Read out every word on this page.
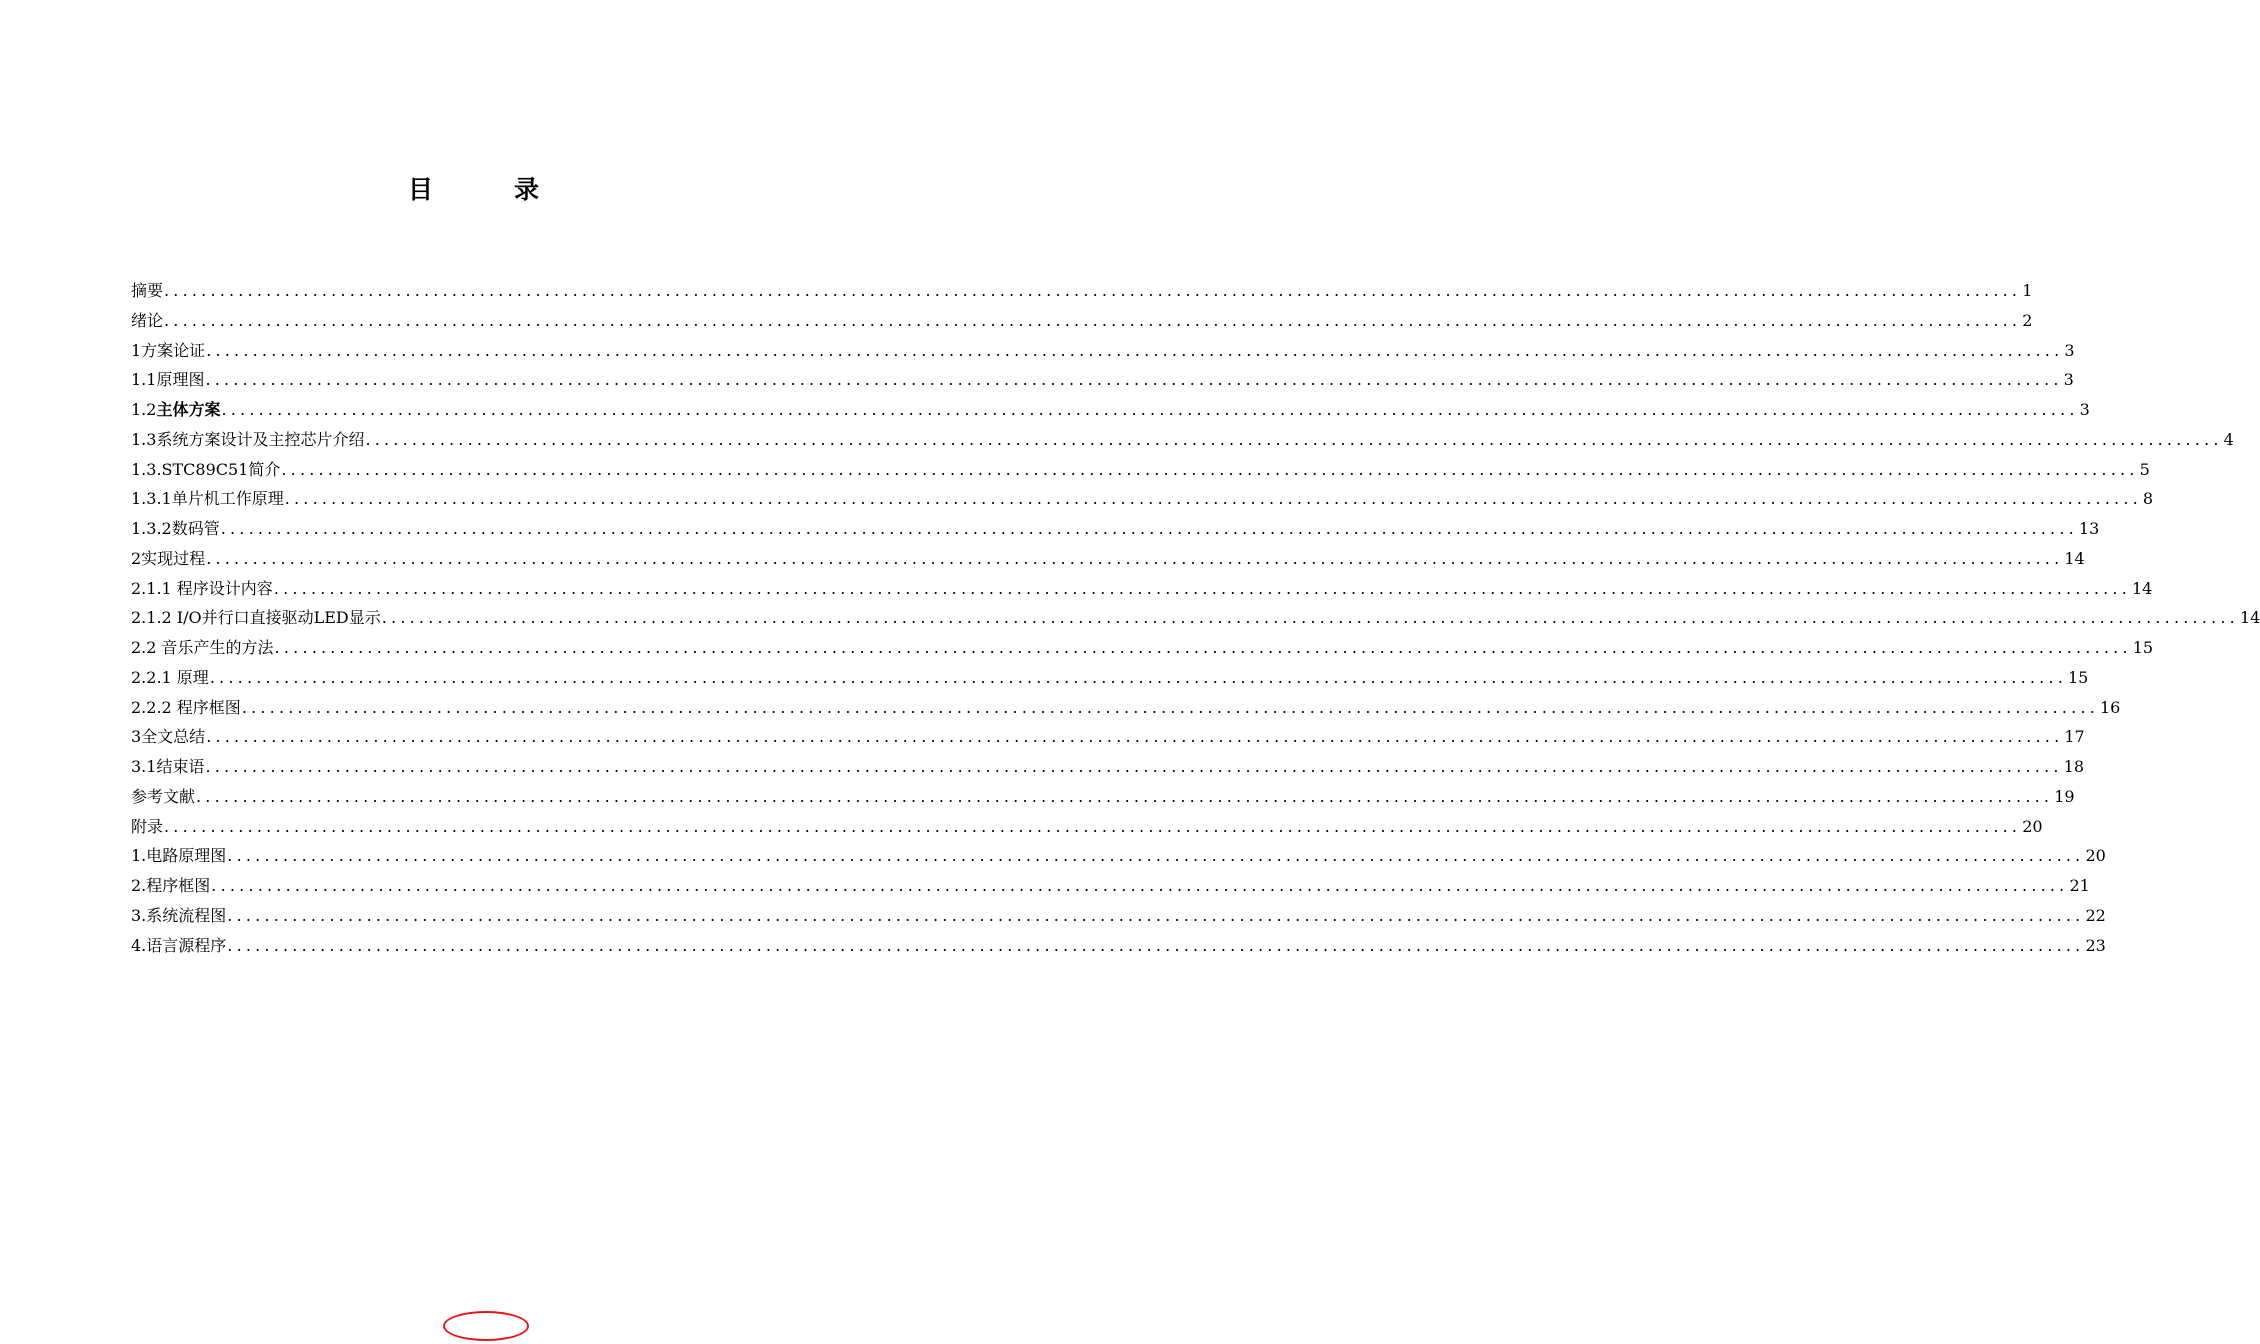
目　录
摘要 ........................................................................................................................................................................................................ 1
绪论 ........................................................................................................................................................................................................ 2
1方案论证 ........................................................................................................................................................................................................ 3
1.1原理图 ........................................................................................................................................................................................................ 3
1.2主体方案 ........................................................................................................................................................................................................ 3
1.3系统方案设计及主控芯片介绍 ........................................................................................................................................................................................................ 4
1.3.STC89C51简介 ........................................................................................................................................................................................................ 5
1.3.1单片机工作原理 ........................................................................................................................................................................................................ 8
1.3.2数码管 ........................................................................................................................................................................................................ 13
2实现过程 ........................................................................................................................................................................................................ 14
2.1.1 程序设计内容 ........................................................................................................................................................................................................ 14
2.1.2 I/O并行口直接驱动LED显示 ........................................................................................................................................................................................................ 14
2.2 音乐产生的方法 ........................................................................................................................................................................................................ 15
2.2.1 原理 ........................................................................................................................................................................................................ 15
2.2.2 程序框图 ........................................................................................................................................................................................................ 16
3全文总结 ........................................................................................................................................................................................................ 17
3.1结束语 ........................................................................................................................................................................................................ 18
参考文献 ........................................................................................................................................................................................................ 19
附录 ........................................................................................................................................................................................................ 20
1.电路原理图 ........................................................................................................................................................................................................ 20
2.程序框图 ........................................................................................................................................................................................................ 21
3.系统流程图 ........................................................................................................................................................................................................ 22
4.语言源程序 ........................................................................................................................................................................................................ 23
